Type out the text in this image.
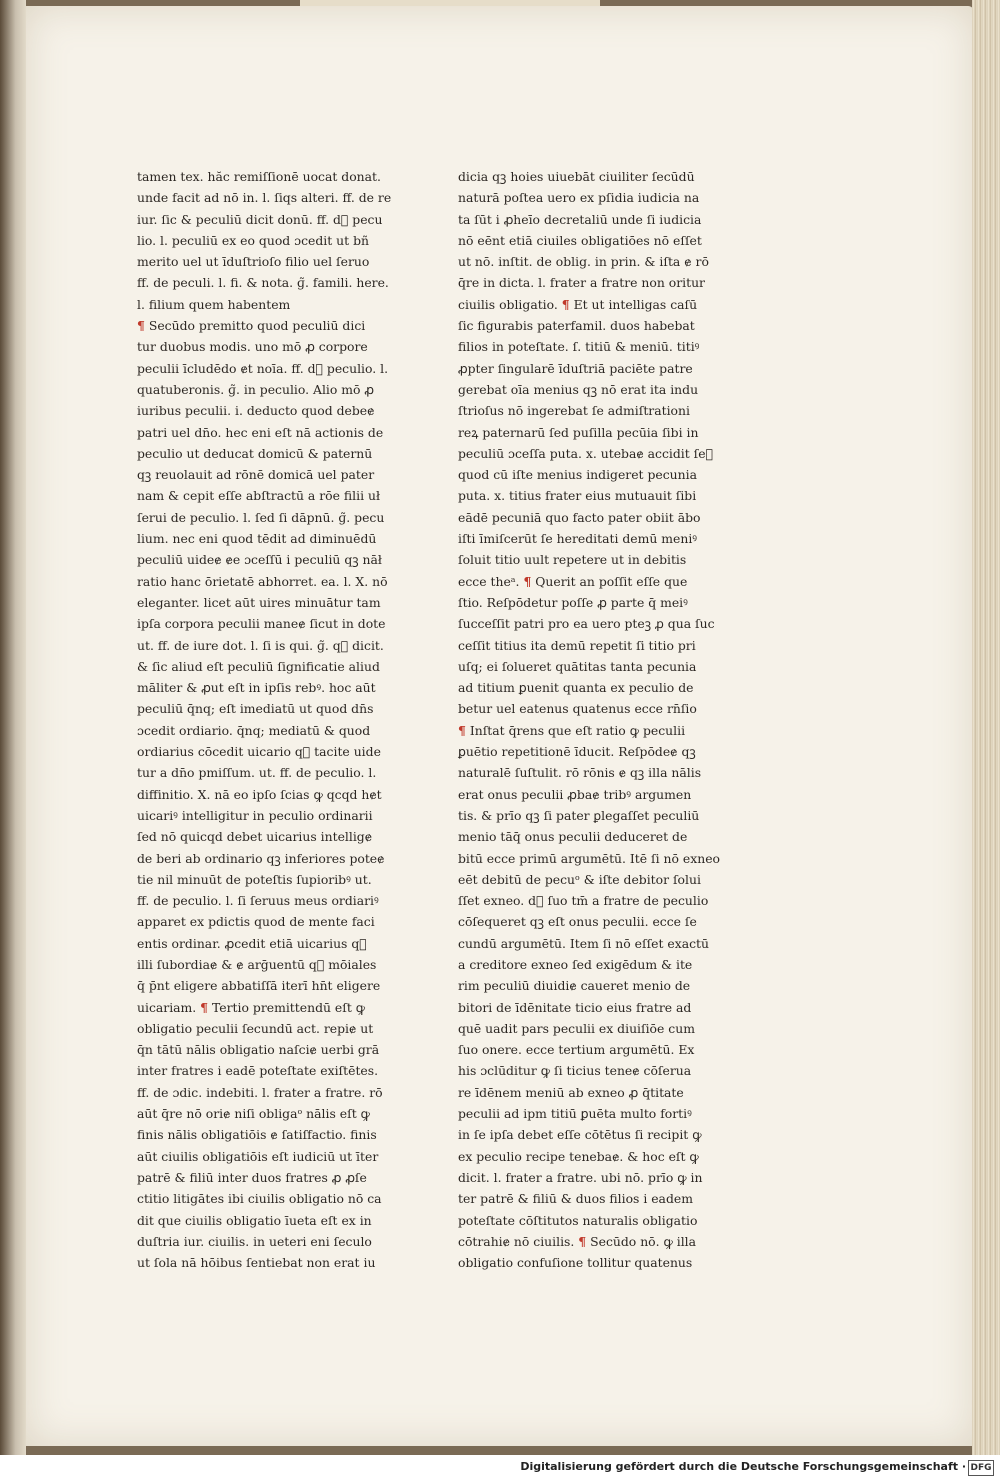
tamen tex. hăc remiſſionē uocat donat.
unde facit ad nō in. l. ſiqs alteri. ff. de re
iur. ſic & peculiū dicit donū. ff. dᷓ pecu
lio. l. peculiū ex eo quod ɔcedit ut bñ
merito uel ut īduſtrioſo filio uel ſeruo
ff. de peculi. l. fi. & nota. ɡ̃. famili. here.
l. filium quem habentem
¶ Secūdo premitto quod peculiū dici
tur duobus modis. uno mō ꝓ corpore
peculii īcludēdo ɇt noīa. ff. dᷓ peculio. l.
quatuberonis. ɡ̃. in peculio. Alio mō ꝓ
iuribus peculii. i. deducto quod debeɇ
patri uel dn̄o. hec eni eſt nā actionis de
peculio ut deducat domicū & paternū
qꝫ reuolauit ad rōnē domicā uel pater
nam & cepit eſſe abſtractū a rōe filii uł
ſerui de peculio. l. ſed ſi dāpnū. ɡ̃. pecu
lium. nec eni quod tēdit ad diminuēdū
peculiū uideɇ ɇe ɔceſſū i peculiū qꝫ nāł
ratio hanc ōrietatē abhorret. ea. l. X. nō
eleganter. licet aūt uires minuātur tam
ipſa corpora peculii maneɇ ſicut in dote
ut. ff. de iure dot. l. ſi is qui. ɡ̃. qᷓ dicit.
& ſic aliud eſt peculiū ſignificatie aliud
māliter & ꝓut eſt in ipſis rebꝰ. hoc aūt
peculiū q̄nq; eſt imediatū ut quod dn̄s
ɔcedit ordiario. q̄nq; mediatū & quod
ordiarius cōcedit uicario qᷓ tacite uide
tur a dn̄o pmiſſum. ut. ff. de peculio. l.
diffinitio. X. nā eo ipſo ſcias ꝙ qcqd hɇt
uicariꝰ intelligitur in peculio ordinarii
ſed nō quicqd debet uicarius intelligɇ
de beri ab ordinario qꝫ inferiores poteɇ
tie nil minuūt de poteſtis ſupioribꝰ ut.
ff. de peculio. l. ſi ſeruus meus ordiariꝰ
apparet ex pdictis quod de mente faci
entis ordinar. ꝓcedit etiā uicarius qᷓ
illi ſubordiaɇ & ɇ arḡuentū qᷓ mōiales
q̄ p̄nt eligere abbatiſſā iterī hn̄t eligere
uicariam. ¶ Tertio premittendū eſt ꝙ
obligatio peculii ſecundū act. repiɇ ut
q̄n tātū nālis obligatio naſciɇ uerbi grā
inter fratres i eadē poteſtate exiſtētes.
ff. de ɔdic. indebiti. l. frater a fratre. rō
aūt q̄re nō oriɇ niſi obligaᵒ nālis eſt ꝙ
finis nālis obligatiōis ɇ ſatiſfactio. finis
aūt ciuilis obligatiōis eſt iudiciū ut īter
patrē & filiū inter duos fratres ꝓ ꝓſe
ctitio litigātes ibi ciuilis obligatio nō ca
dit que ciuilis obligatio īueta eſt ex in
duſtria iur. ciuilis. in ueteri eni ſeculo
ut ſola nā hōibus ſentiebat non erat iu
dicia qꝫ hoies uiuebāt ciuiliter ſecūdū
naturā poſtea uero ex pſidia iudicia na
ta ſūt i ꝓheīo decretaliū unde ſi iudicia
nō eēnt etiā ciuiles obligatiōes nō eſſet
ut nō. inſtit. de oblig. in prin. & iſta ɇ rō
q̄re in dicta. l. frater a fratre non oritur
ciuilis obligatio. ¶ Et ut intelligas caſū
ſic figurabis paterfamil. duos habebat
filios in poteſtate. ſ. titiū & meniū. titiꝰ
ꝓpter ſingularē īduſtriā paciēte patre
gerebat oīa menius qꝫ nō erat ita indu
ſtrioſus nō ingerebat ſe admiſtrationi
reꝝ paternarū ſed puſilla pecūia ſibi in
peculiū ɔceſſa puta. x. utebaɇ accidit ſeᷓ
quod cū iſte menius indigeret pecunia
puta. x. titius frater eius mutuauit ſibi
eādē pecuniā quo facto pater obiit ābo
iſti īmiſcerūt ſe hereditati demū meniꝰ
ſoluit titio uult repetere ut in debitis
ecce theᵃ. ¶ Querit an poſſit eſſe que
ſtio. Reſpōdetur poſſe ꝓ parte q̄ meiꝰ
ſucceſſit patri pro ea uero pteꝫ ꝓ qua ſuc
ceſſit titius ita demū repetit ſi titio pri
uſq; ei ſolueret quātitas tanta pecunia
ad titium ꝑuenit quanta ex peculio de
betur uel eatenus quatenus ecce rn̄ſio
¶ Inſtat q̄rens que eſt ratio ꝙ peculii
ꝑuētio repetitionē īducit. Reſpōdeɇ qꝫ
naturalē ſuſtulit. rō rōnis ɇ qꝫ illa nālis
erat onus peculii ꝓbaɇ tribꝰ argumen
tis. & prīo qꝫ ſi pater ꝑlegaſſet peculiū
menio tāq̄ onus peculii deduceret de
bitū ecce primū argumētū. Itē ſi nō exneo
eēt debitū de pecuᵒ & iſte debitor ſolui
ſſet exneo. dᷓ ſuo tm̄ a fratre de peculio
cōſequeret qꝫ eſt onus peculii. ecce ſe
cundū argumētū. Item ſi nō eſſet exactū
a creditore exneo ſed exigēdum & ite
rim peculiū diuidiɇ caueret menio de
bitori de īdēnitate ticio eius fratre ad
quē uadit pars peculii ex diuiſiōe cum
ſuo onere. ecce tertium argumētū. Ex
his ɔclūditur ꝙ ſi ticius teneɇ cōſerua
re īdēnem meniū ab exneo ꝓ q̄titate
peculii ad ipm titiū ꝑuēta multo fortiꝰ
in ſe ipſa debet eſſe cōtētus ſi recipit ꝙ
ex peculio recipe tenebaɇ. & hoc eſt ꝙ
dicit. l. frater a fratre. ubi nō. prīo ꝙ in
ter patrē & filiū & duos filios i eadem
poteſtate cōſtitutos naturalis obligatio
cōtrahiɇ nō ciuilis. ¶ Secūdo nō. ꝙ illa
obligatio confuſione tollitur quatenus
Digitalisierung gefördert durch die Deutsche Forschungsgemeinschaft · DFG
